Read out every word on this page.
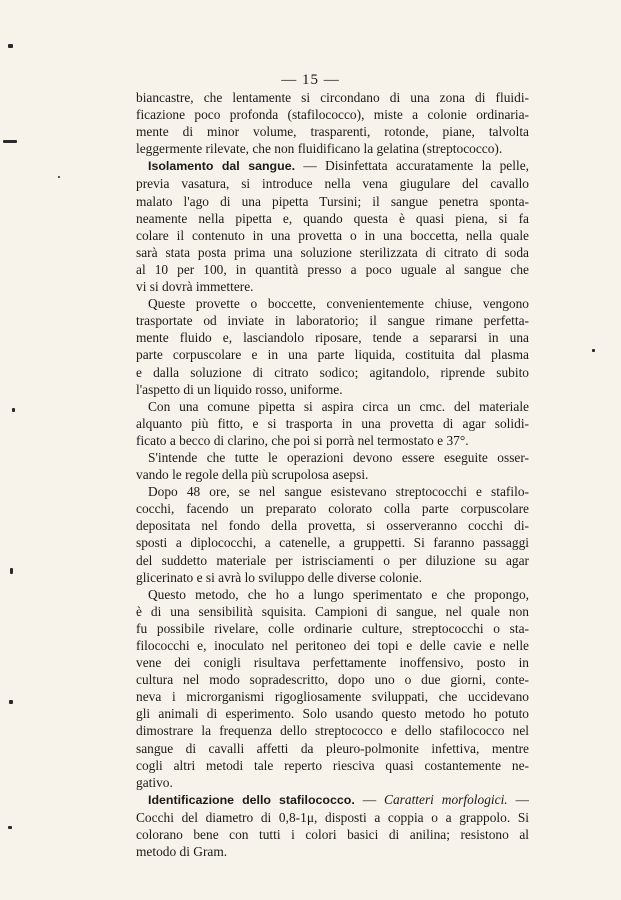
— 15 —
biancastre, che lentamente si circondano di una zona di fluidi-
ficazione poco profonda (stafilococco), miste a colonie ordinaria-
mente di minor volume, trasparenti, rotonde, piane, talvolta
leggermente rilevate, che non fluidificano la gelatina (streptococco).
Isolamento dal sangue. — Disinfettata accuratamente la pelle,
previa vasatura, si introduce nella vena giugulare del cavallo
malato l'ago di una pipetta Tursini; il sangue penetra sponta-
neamente nella pipetta e, quando questa è quasi piena, si fa
colare il contenuto in una provetta o in una boccetta, nella quale
sarà stata posta prima una soluzione sterilizzata di citrato di soda
al 10 per 100, in quantità presso a poco uguale al sangue che
vi si dovrà immettere.
Queste provette o boccette, convenientemente chiuse, vengono
trasportate od inviate in laboratorio; il sangue rimane perfetta-
mente fluido e, lasciandolo riposare, tende a separarsi in una
parte corpuscolare e in una parte liquida, costituita dal plasma
e dalla soluzione di citrato sodico; agitandolo, riprende subito
l'aspetto di un liquido rosso, uniforme.
Con una comune pipetta si aspira circa un cmc. del materiale
alquanto più fitto, e si trasporta in una provetta di agar solidi-
ficato a becco di clarino, che poi si porrà nel termostato e 37°.
S'intende che tutte le operazioni devono essere eseguite osser-
vando le regole della più scrupolosa asepsi.
Dopo 48 ore, se nel sangue esistevano streptococchi e stafilo-
cocchi, facendo un preparato colorato colla parte corpuscolare
depositata nel fondo della provetta, si osserveranno cocchi di-
sposti a diplococchi, a catenelle, a gruppetti. Si faranno passaggi
del suddetto materiale per istrisciamenti o per diluzione su agar
glicerinato e si avrà lo sviluppo delle diverse colonie.
Questo metodo, che ho a lungo sperimentato e che propongo,
è di una sensibilità squisita. Campioni di sangue, nel quale non
fu possibile rivelare, colle ordinarie culture, streptococchi o sta-
filococchi e, inoculato nel peritoneo dei topi e delle cavie e nelle
vene dei conigli risultava perfettamente inoffensivo, posto in
cultura nel modo sopradescritto, dopo uno o due giorni, conte-
neva i microrganismi rigogliosamente sviluppati, che uccidevano
gli animali di esperimento. Solo usando questo metodo ho potuto
dimostrare la frequenza dello streptococco e dello stafilococco nel
sangue di cavalli affetti da pleuro-polmonite infettiva, mentre
cogli altri metodi tale reperto riesciva quasi costantemente ne-
gativo.
Identificazione dello stafilococco. — Caratteri morfologici. —
Cocchi del diametro di 0,8-1μ, disposti a coppia o a grappolo. Si
colorano bene con tutti i colori basici di anilina; resistono al
metodo di Gram.
